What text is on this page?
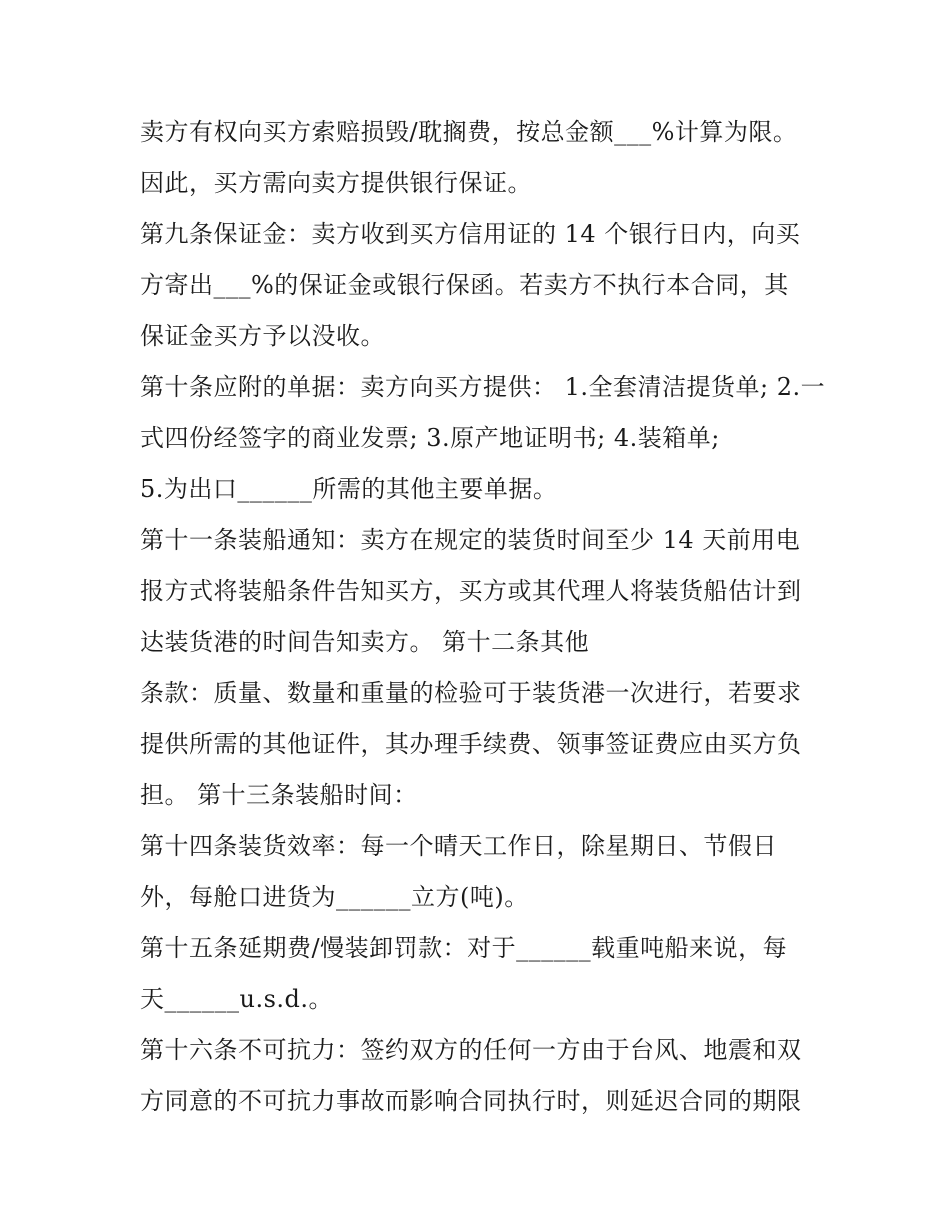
卖方有权向买方索赔损毁/耽搁费，按总金额___%计算为限。
因此，买方需向卖方提供银行保证。
第九条保证金：卖方收到买方信用证的 14 个银行日内，向买
方寄出___%的保证金或银行保函。若卖方不执行本合同，其
保证金买方予以没收。
第十条应附的单据：卖方向买方提供： 1.全套清洁提货单; 2.一
式四份经签字的商业发票; 3.原产地证明书; 4.装箱单;
5.为出口______所需的其他主要单据。
第十一条装船通知：卖方在规定的装货时间至少 14 天前用电
报方式将装船条件告知买方，买方或其代理人将装货船估计到
达装货港的时间告知卖方。 第十二条其他
条款：质量、数量和重量的检验可于装货港一次进行，若要求
提供所需的其他证件，其办理手续费、领事签证费应由买方负
担。 第十三条装船时间：
第十四条装货效率：每一个晴天工作日，除星期日、节假日
外，每舱口进货为______立方(吨)。
第十五条延期费/慢装卸罚款：对于______载重吨船来说，每
天______u.s.d.。
第十六条不可抗力：签约双方的任何一方由于台风、地震和双
方同意的不可抗力事故而影响合同执行时，则延迟合同的期限
